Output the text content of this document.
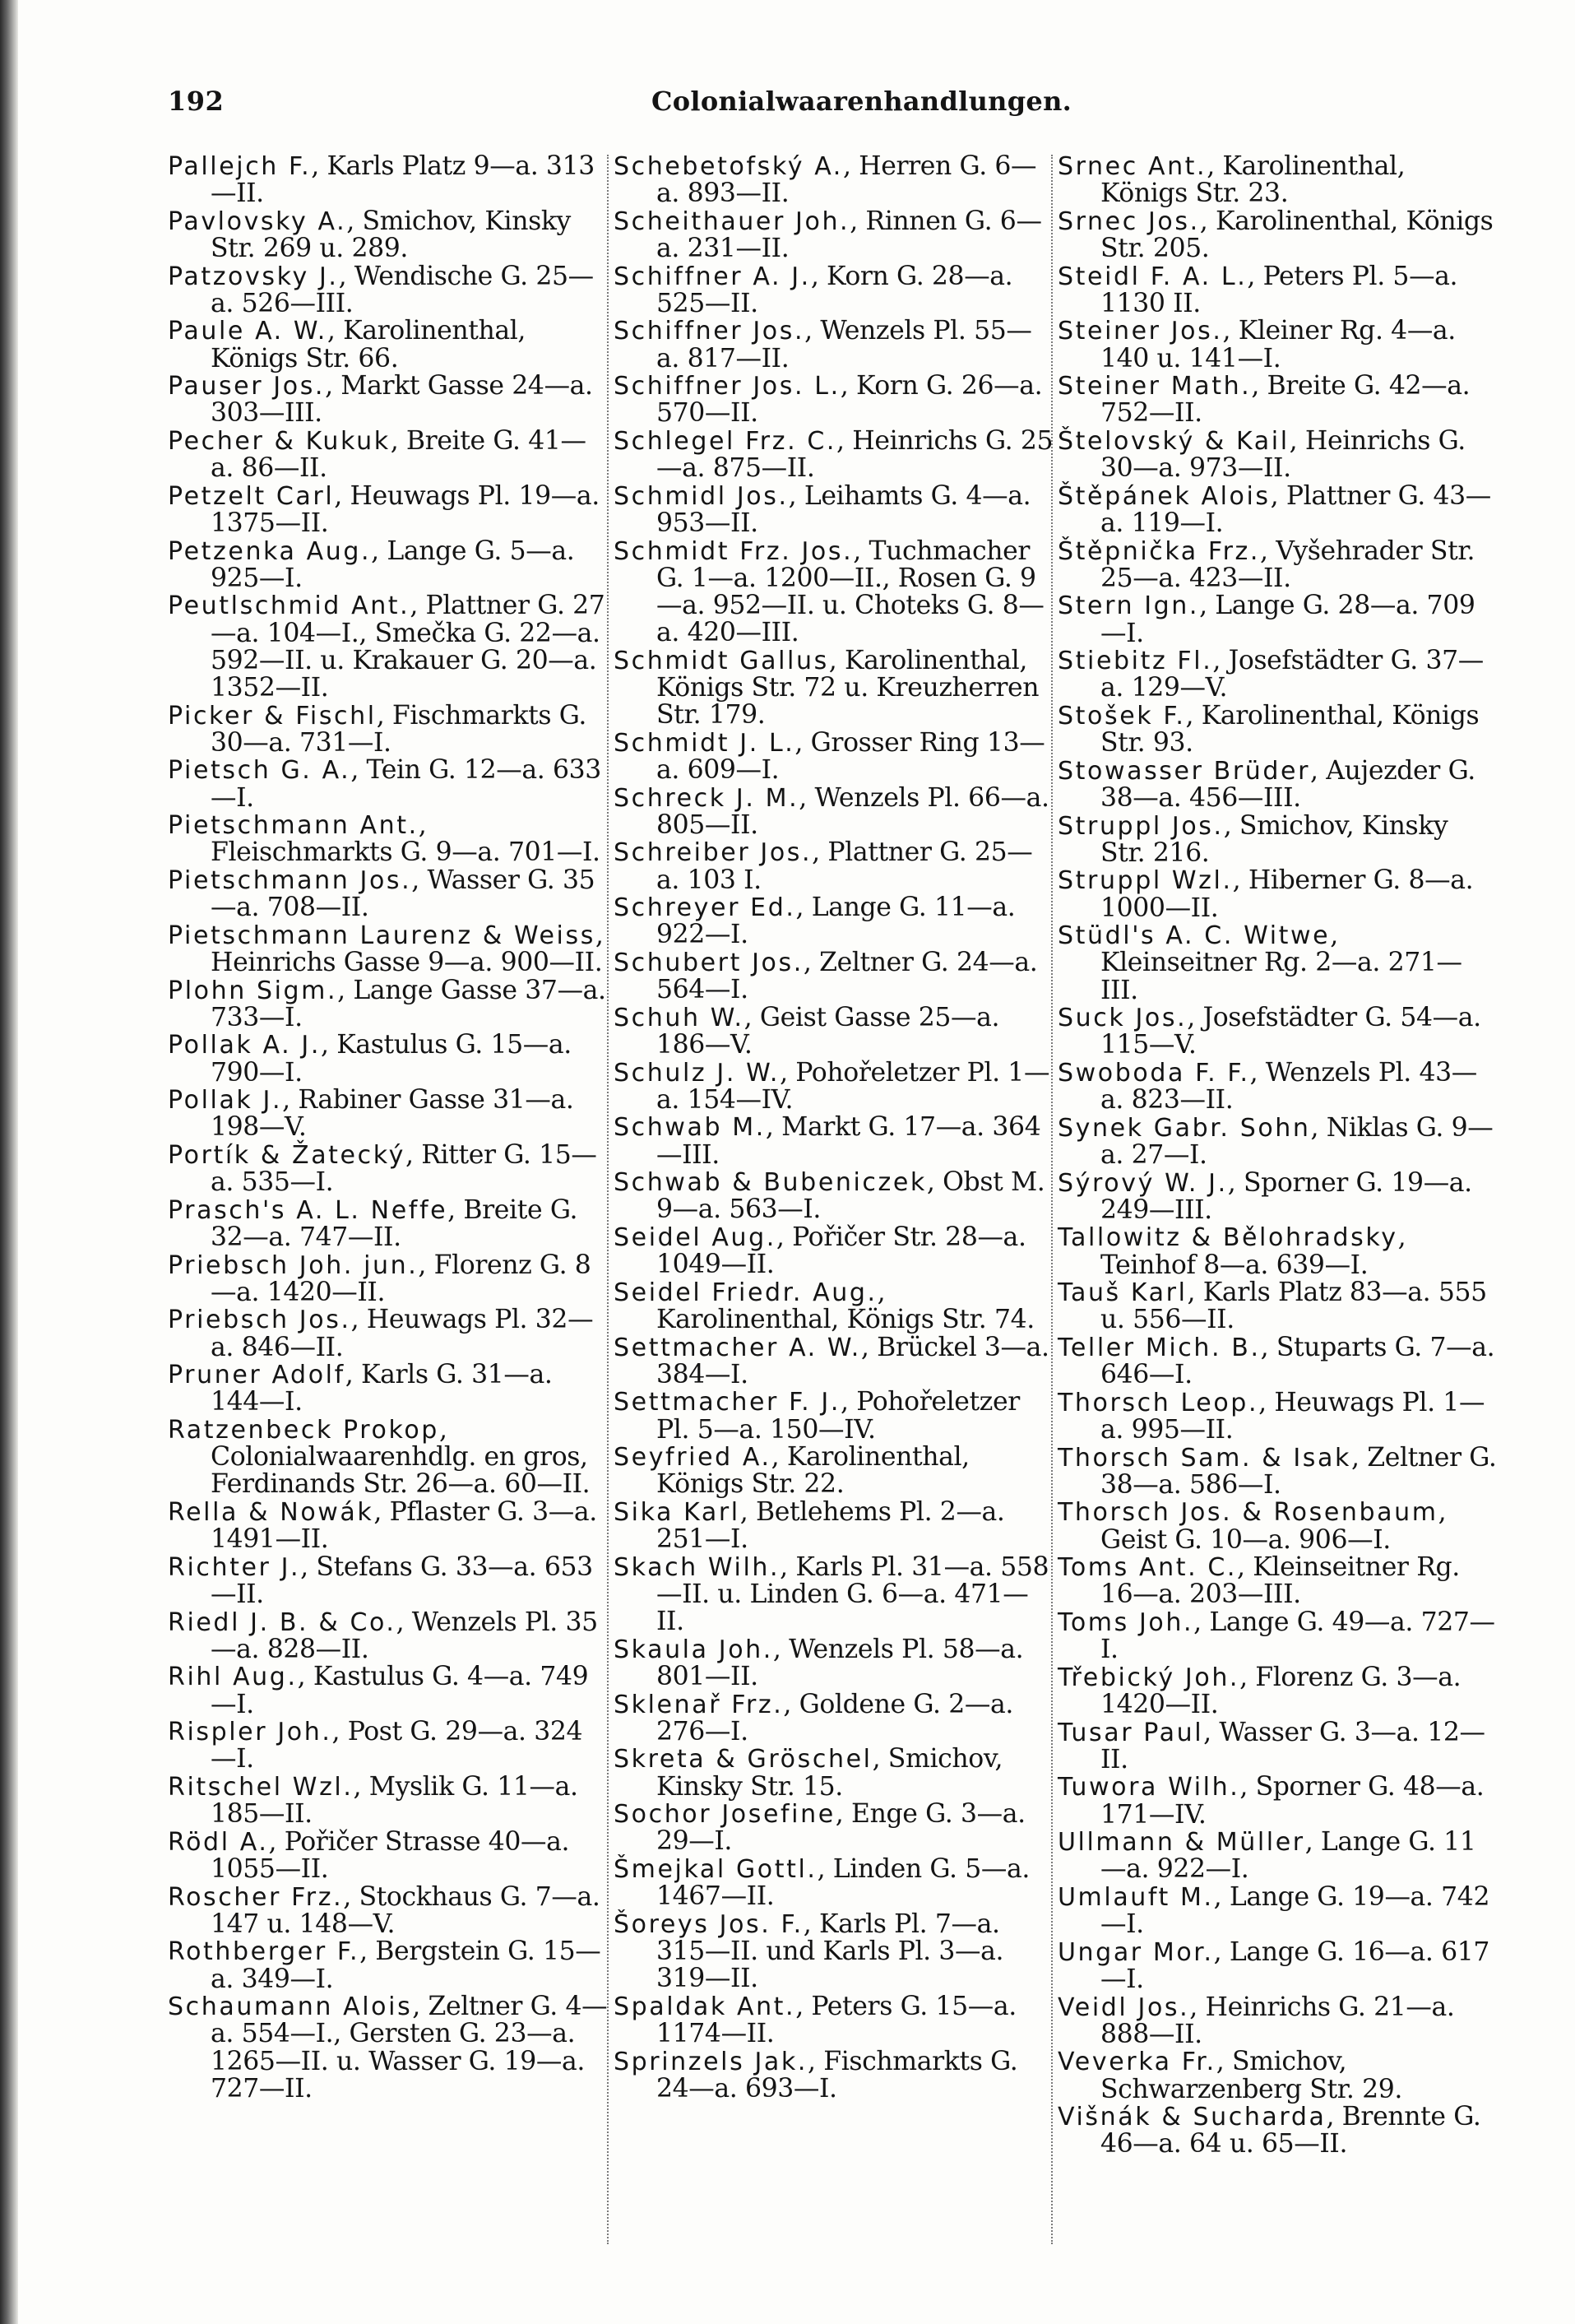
192	Colonialwaarenhandlungen.
Pallejch F., Karls Platz 9—a. 313—II.
Pavlovsky A., Smichov, Kinsky Str. 269 u. 289.
Patzovsky J., Wendische G. 25—a. 526—III.
Paule A. W., Karolinenthal, Königs Str. 66.
Pauser Jos., Markt Gasse 24—a. 303—III.
Pecher & Kukuk, Breite G. 41—a. 86—II.
Petzelt Carl, Heuwags Pl. 19—a. 1375—II.
Petzenka Aug., Lange G. 5—a. 925—I.
Peutlschmid Ant., Plattner G. 27—a. 104—I., Smečka G. 22—a. 592—II. u. Krakauer G. 20—a. 1352—II.
Picker & Fischl, Fischmarkts G. 30—a. 731—I.
Pietsch G. A., Tein G. 12—a. 633—I.
Pietschmann Ant., Fleischmarkts G. 9—a. 701—I.
Pietschmann Jos., Wasser G. 35—a. 708—II.
Pietschmann Laurenz & Weiss, Heinrichs Gasse 9—a. 900—II.
Plohn Sigm., Lange Gasse 37—a. 733—I.
Pollak A. J., Kastulus G. 15—a. 790—I.
Pollak J., Rabiner Gasse 31—a. 198—V.
Portík & Žatecký, Ritter G. 15—a. 535—I.
Prasch's A. L. Neffe, Breite G. 32—a. 747—II.
Priebsch Joh. jun., Florenz G. 8—a. 1420—II.
Priebsch Jos., Heuwags Pl. 32—a. 846—II.
Pruner Adolf, Karls G. 31—a. 144—I.
Ratzenbeck Prokop, Colonialwaarenhdlg. en gros, Ferdinands Str. 26—a. 60—II.
Rella & Nowák, Pflaster G. 3—a. 1491—II.
Richter J., Stefans G. 33—a. 653—II.
Riedl J. B. & Co., Wenzels Pl. 35—a. 828—II.
Rihl Aug., Kastulus G. 4—a. 749—I.
Rispler Joh., Post G. 29—a. 324—I.
Ritschel Wzl., Myslik G. 11—a. 185—II.
Rödl A., Pořičer Strasse 40—a. 1055—II.
Roscher Frz., Stockhaus G. 7—a. 147 u. 148—V.
Rothberger F., Bergstein G. 15—a. 349—I.
Schaumann Alois, Zeltner G. 4—a. 554—I., Gersten G. 23—a. 1265—II. u. Wasser G. 19—a. 727—II.
Schebetofský A., Herren G. 6—a. 893—II.
Scheithauer Joh., Rinnen G. 6—a. 231—II.
Schiffner A. J., Korn G. 28—a. 525—II.
Schiffner Jos., Wenzels Pl. 55—a. 817—II.
Schiffner Jos. L., Korn G. 26—a. 570—II.
Schlegel Frz. C., Heinrichs G. 25—a. 875—II.
Schmidl Jos., Leihamts G. 4—a. 953—II.
Schmidt Frz. Jos., Tuchmacher G. 1—a. 1200—II., Rosen G. 9—a. 952—II. u. Choteks G. 8—a. 420—III.
Schmidt Gallus, Karolinenthal, Königs Str. 72 u. Kreuzherren Str. 179.
Schmidt J. L., Grosser Ring 13—a. 609—I.
Schreck J. M., Wenzels Pl. 66—a. 805—II.
Schreiber Jos., Plattner G. 25—a. 103 I.
Schreyer Ed., Lange G. 11—a. 922—I.
Schubert Jos., Zeltner G. 24—a. 564—I.
Schuh W., Geist Gasse 25—a. 186—V.
Schulz J. W., Pohořeletzer Pl. 1—a. 154—IV.
Schwab M., Markt G. 17—a. 364—III.
Schwab & Bubeniczek, Obst M. 9—a. 563—I.
Seidel Aug., Pořičer Str. 28—a. 1049—II.
Seidel Friedr. Aug., Karolinenthal, Königs Str. 74.
Settmacher A. W., Brückel 3—a. 384—I.
Settmacher F. J., Pohořeletzer Pl. 5—a. 150—IV.
Seyfried A., Karolinenthal, Königs Str. 22.
Sika Karl, Betlehems Pl. 2—a. 251—I.
Skach Wilh., Karls Pl. 31—a. 558—II. u. Linden G. 6—a. 471—II.
Skaula Joh., Wenzels Pl. 58—a. 801—II.
Sklenař Frz., Goldene G. 2—a. 276—I.
Skreta & Gröschel, Smichov, Kinsky Str. 15.
Sochor Josefine, Enge G. 3—a. 29—I.
Šmejkal Gottl., Linden G. 5—a. 1467—II.
Šoreys Jos. F., Karls Pl. 7—a. 315—II. und Karls Pl. 3—a. 319—II.
Spaldak Ant., Peters G. 15—a. 1174—II.
Sprinzels Jak., Fischmarkts G. 24—a. 693—I.
Srnec Ant., Karolinenthal, Königs Str. 23.
Srnec Jos., Karolinenthal, Königs Str. 205.
Steidl F. A. L., Peters Pl. 5—a. 1130 II.
Steiner Jos., Kleiner Rg. 4—a. 140 u. 141—I.
Steiner Math., Breite G. 42—a. 752—II.
Štelovský & Kail, Heinrichs G. 30—a. 973—II.
Štěpánek Alois, Plattner G. 43—a. 119—I.
Štěpnička Frz., Vyšehrader Str. 25—a. 423—II.
Stern Ign., Lange G. 28—a. 709—I.
Stiebitz Fl., Josefstädter G. 37—a. 129—V.
Stošek F., Karolinenthal, Königs Str. 93.
Stowasser Brüder, Aujezder G. 38—a. 456—III.
Struppl Jos., Smichov, Kinsky Str. 216.
Struppl Wzl., Hiberner G. 8—a. 1000—II.
Stüdl's A. C. Witwe, Kleinseitner Rg. 2—a. 271—III.
Suck Jos., Josefstädter G. 54—a. 115—V.
Swoboda F. F., Wenzels Pl. 43—a. 823—II.
Synek Gabr. Sohn, Niklas G. 9—a. 27—I.
Sýrový W. J., Sporner G. 19—a. 249—III.
Tallowitz & Bělohradsky, Teinhof 8—a. 639—I.
Tauš Karl, Karls Platz 83—a. 555 u. 556—II.
Teller Mich. B., Stuparts G. 7—a. 646—I.
Thorsch Leop., Heuwags Pl. 1—a. 995—II.
Thorsch Sam. & Isak, Zeltner G. 38—a. 586—I.
Thorsch Jos. & Rosenbaum, Geist G. 10—a. 906—I.
Toms Ant. C., Kleinseitner Rg. 16—a. 203—III.
Toms Joh., Lange G. 49—a. 727—I.
Třebický Joh., Florenz G. 3—a. 1420—II.
Tusar Paul, Wasser G. 3—a. 12—II.
Tuwora Wilh., Sporner G. 48—a. 171—IV.
Ullmann & Müller, Lange G. 11—a. 922—I.
Umlauft M., Lange G. 19—a. 742—I.
Ungar Mor., Lange G. 16—a. 617—I.
Veidl Jos., Heinrichs G. 21—a. 888—II.
Veverka Fr., Smichov, Schwarzenberg Str. 29.
Višnák & Sucharda, Brennte G. 46—a. 64 u. 65—II.
